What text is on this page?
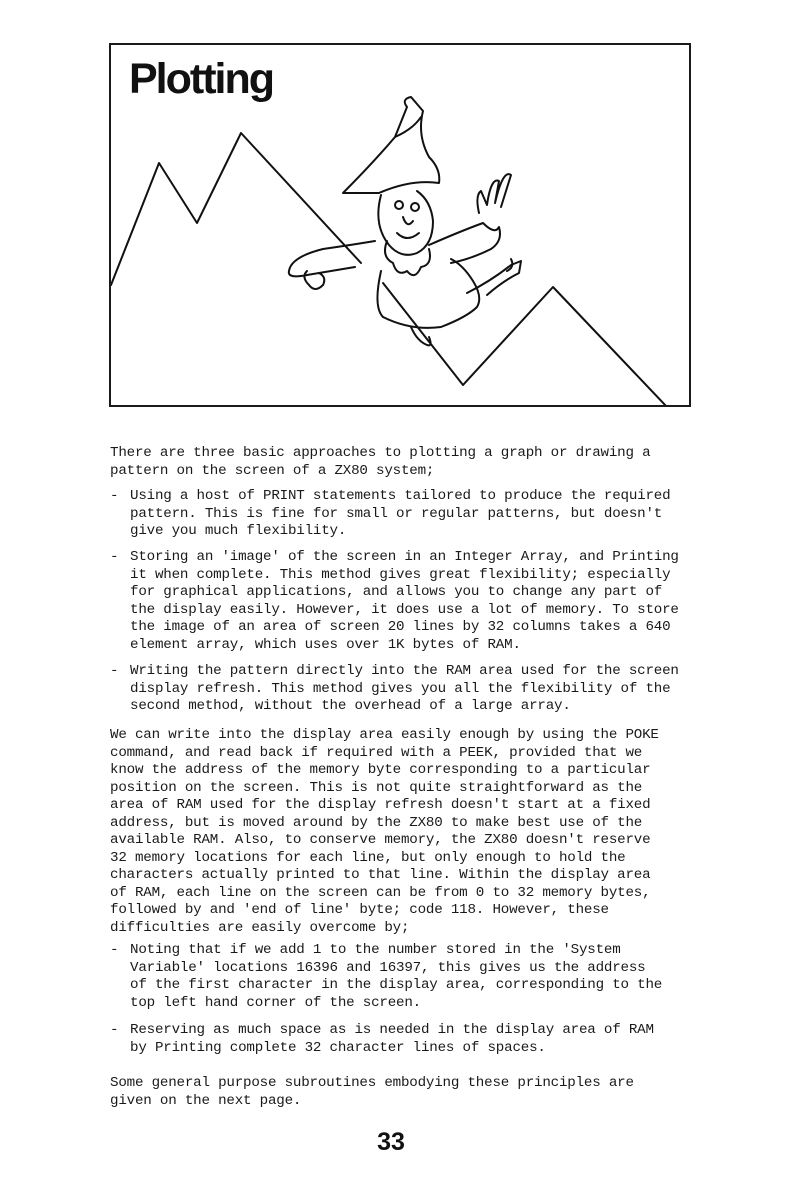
Plotting

There are three basic approaches to plotting a graph or drawing a
pattern on the screen of a ZX80 system;

- Using a host of PRINT statements tailored to produce the required
pattern. This is fine for small or regular patterns, but doesn't
give you much flexibility.
- Storing an 'image' of the screen in an Integer Array, and Printing
it when complete. This method gives great flexibility; especially
for graphical applications, and allows you to change any part of
the display easily. However, it does use a lot of memory. To store
the image of an area of screen 20 lines by 32 columns takes a 640
element array, which uses over 1K bytes of RAM.
- Writing the pattern directly into the RAM area used for the screen
display refresh. This method gives you all the flexibility of the
second method, without the overhead of a large array.

We can write into the display area easily enough by using the POKE
command, and read back if required with a PEEK, provided that we
know the address of the memory byte corresponding to a particular
position on the screen. This is not quite straightforward as the
area of RAM used for the display refresh doesn't start at a fixed
address, but is moved around by the ZX80 to make best use of the
available RAM. Also, to conserve memory, the ZX80 doesn't reserve
32 memory locations for each line, but only enough to hold the
characters actually printed to that line. Within the display area
of RAM, each line on the screen can be from 0 to 32 memory bytes,
followed by and 'end of line' byte; code 118. However, these
difficulties are easily overcome by;

- Noting that if we add 1 to the number stored in the 'System
Variable' locations 16396 and 16397, this gives us the address
of the first character in the display area, corresponding to the
top left hand corner of the screen.
- Reserving as much space as is needed in the display area of RAM
by Printing complete 32 character lines of spaces.

Some general purpose subroutines embodying these principles are
given on the next page.

33
